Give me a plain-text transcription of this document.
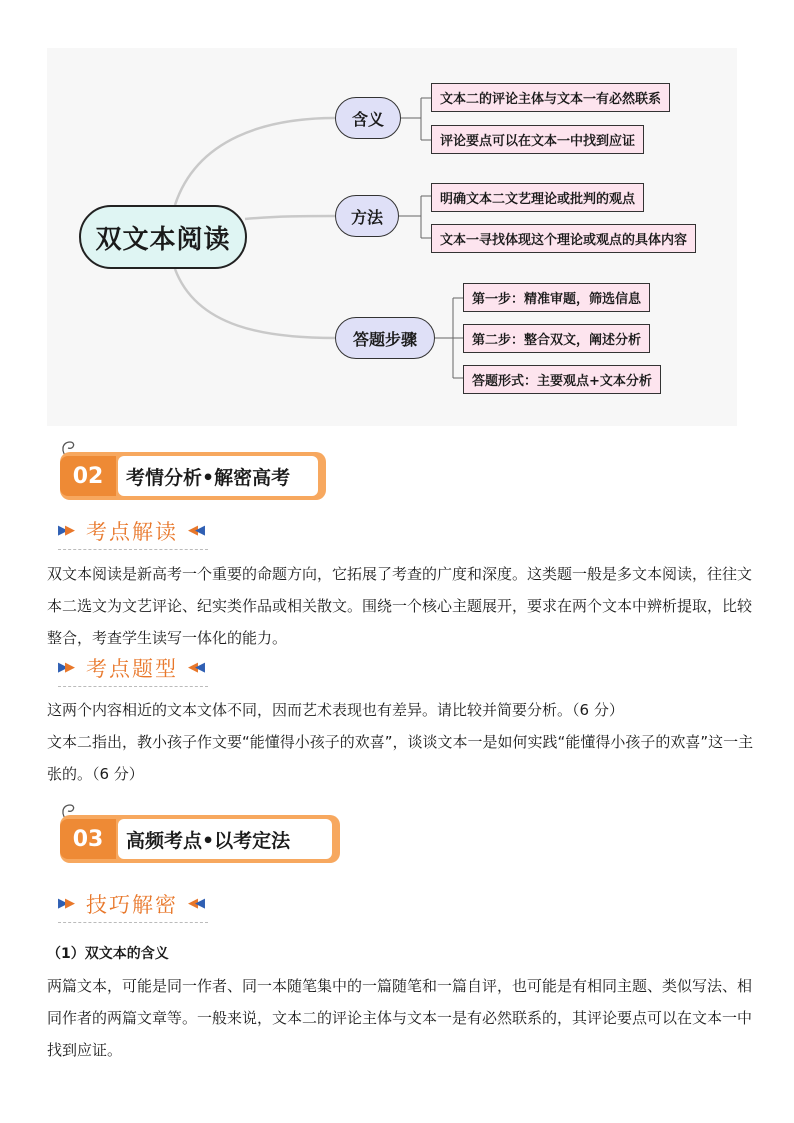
双文本阅读
含义
文本二的评论主体与文本一有必然联系
评论要点可以在文本一中找到应证
方法
明确文本二文艺理论或批判的观点
文本一寻找体现这个理论或观点的具体内容
答题步骤
第一步：精准审题，筛选信息
第二步：整合双文，阐述分析
答题形式：主要观点+文本分析
02	考情分析•解密高考
▶▶ 考点解读 ◀◀
双文本阅读是新高考一个重要的命题方向，它拓展了考查的广度和深度。这类题一般是多文本阅读，往往文本二选文为文艺评论、纪实类作品或相关散文。围绕一个核心主题展开，要求在两个文本中辨析提取，比较整合，考查学生读写一体化的能力。
▶▶ 考点题型 ◀◀
这两个内容相近的文本文体不同，因而艺术表现也有差异。请比较并简要分析。（6 分）
文本二指出，教小孩子作文要“能懂得小孩子的欢喜”，谈谈文本一是如何实践“能懂得小孩子的欢喜”这一主张的。（6 分）
03	高频考点•以考定法
▶▶ 技巧解密 ◀◀
（1）双文本的含义
两篇文本，可能是同一作者、同一本随笔集中的一篇随笔和一篇自评，也可能是有相同主题、类似写法、相同作者的两篇文章等。一般来说，文本二的评论主体与文本一是有必然联系的，其评论要点可以在文本一中找到应证。
